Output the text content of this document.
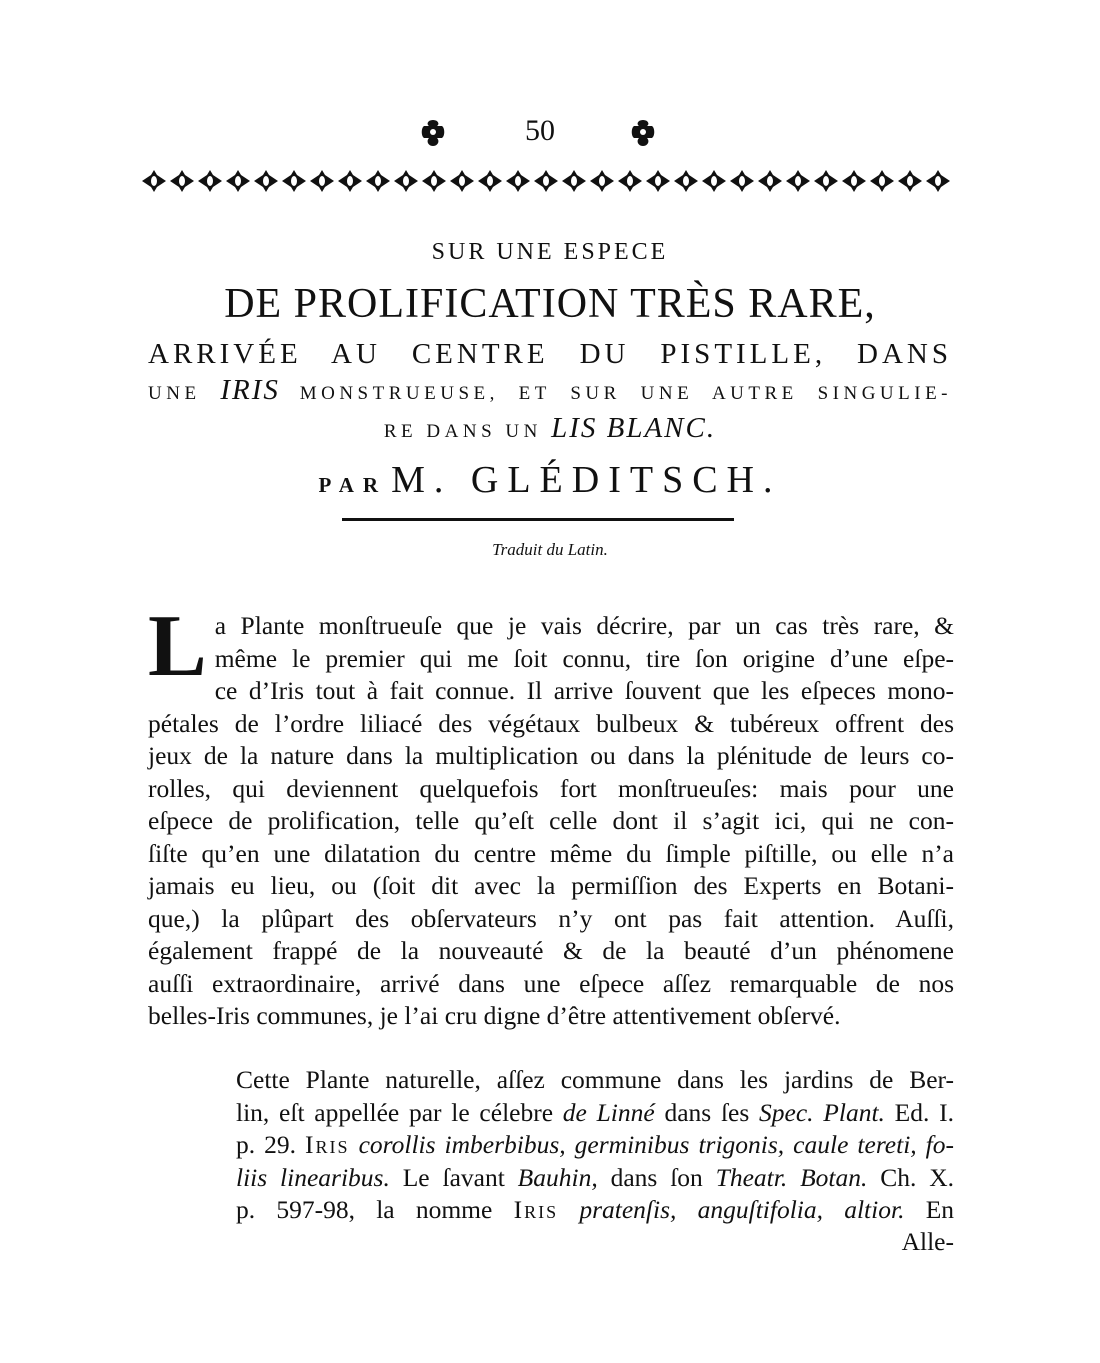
50
SUR UNE ESPECE
DE PROLIFICATION TRÈS RARE,
ARRIVÉE AU CENTRE DU PISTILLE, DANS
UNE IRIS MONSTRUEUSE, ET SUR UNE AUTRE SINGULIE-
RE DANS UN LIS BLANC.
PAR M. GLÉDITSCH.
Traduit du Latin.
L a Plante monſtrueuſe que je vais décrire, par un cas très rare, &
même le premier qui me ſoit connu, tire ſon origine d’une eſpe-
ce d’Iris tout à fait connue. Il arrive ſouvent que les eſpeces mono-
pétales de l’ordre liliacé des végétaux bulbeux & tubéreux offrent des
jeux de la nature dans la multiplication ou dans la plénitude de leurs co-
rolles, qui deviennent quelquefois fort monſtrueuſes: mais pour une
eſpece de prolification, telle qu’eſt celle dont il s’agit ici, qui ne con-
ſiſte qu’en une dilatation du centre même du ſimple piſtille, ou elle n’a
jamais eu lieu, ou (ſoit dit avec la permiſſion des Experts en Botani-
que,) la plûpart des obſervateurs n’y ont pas fait attention. Auſſi,
également frappé de la nouveauté & de la beauté d’un phénomene
auſſi extraordinaire, arrivé dans une eſpece aſſez remarquable de nos
belles-Iris communes, je l’ai cru digne d’être attentivement obſervé.
Cette Plante naturelle, aſſez commune dans les jardins de Ber-
lin, eſt appellée par le célebre de Linné dans ſes Spec. Plant. Ed. I.
p. 29. Iris corollis imberbibus, germinibus trigonis, caule tereti, fo-
liis linearibus. Le ſavant Bauhin, dans ſon Theatr. Botan. Ch. X.
p. 597-98, la nomme Iris pratenſis, anguſtifolia, altior. En
Alle-
